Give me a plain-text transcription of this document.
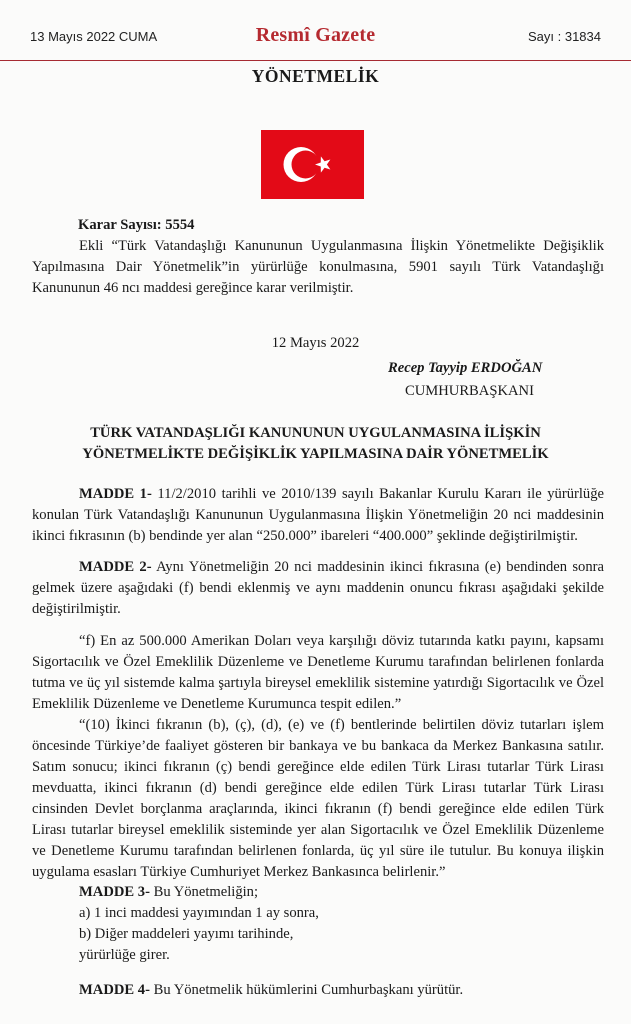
13 Mayıs 2022 CUMA	Resmî Gazete	Sayı : 31834
YÖNETMELİK
Karar Sayısı: 5554
Ekli “Türk Vatandaşlığı Kanununun Uygulanmasına İlişkin Yönetmelikte Değişiklik Yapılmasına Dair Yönetmelik”in yürürlüğe konulmasına, 5901 sayılı Türk Vatandaşlığı Kanununun 46 ncı maddesi gereğince karar verilmiştir.
12 Mayıs 2022
Recep Tayyip ERDOĞAN
CUMHURBAŞKANI
TÜRK VATANDAŞLIĞI KANUNUNUN UYGULANMASINA İLİŞKİN
YÖNETMELİKTE DEĞİŞİKLİK YAPILMASINA DAİR YÖNETMELİK
MADDE 1- 11/2/2010 tarihli ve 2010/139 sayılı Bakanlar Kurulu Kararı ile yürürlüğe konulan Türk Vatandaşlığı Kanununun Uygulanmasına İlişkin Yönetmeliğin 20 nci maddesinin ikinci fıkrasının (b) bendinde yer alan “250.000” ibareleri “400.000” şeklinde değiştirilmiştir.
MADDE 2- Aynı Yönetmeliğin 20 nci maddesinin ikinci fıkrasına (e) bendinden sonra gelmek üzere aşağıdaki (f) bendi eklenmiş ve aynı maddenin onuncu fıkrası aşağıdaki şekilde değiştirilmiştir.
“f) En az 500.000 Amerikan Doları veya karşılığı döviz tutarında katkı payını, kapsamı Sigortacılık ve Özel Emeklilik Düzenleme ve Denetleme Kurumu tarafından belirlenen fonlarda tutma ve üç yıl sistemde kalma şartıyla bireysel emeklilik sistemine yatırdığı Sigortacılık ve Özel Emeklilik Düzenleme ve Denetleme Kurumunca tespit edilen.”
“(10) İkinci fıkranın (b), (ç), (d), (e) ve (f) bentlerinde belirtilen döviz tutarları işlem öncesinde Türkiye’de faaliyet gösteren bir bankaya ve bu bankaca da Merkez Bankasına satılır. Satım sonucu; ikinci fıkranın (ç) bendi gereğince elde edilen Türk Lirası tutarlar Türk Lirası mevduatta, ikinci fıkranın (d) bendi gereğince elde edilen Türk Lirası tutarlar Türk Lirası cinsinden Devlet borçlanma araçlarında, ikinci fıkranın (f) bendi gereğince elde edilen Türk Lirası tutarlar bireysel emeklilik sisteminde yer alan Sigortacılık ve Özel Emeklilik Düzenleme ve Denetleme Kurumu tarafından belirlenen fonlarda, üç yıl süre ile tutulur. Bu konuya ilişkin uygulama esasları Türkiye Cumhuriyet Merkez Bankasınca belirlenir.”
MADDE 3- Bu Yönetmeliğin;
a) 1 inci maddesi yayımından 1 ay sonra,
b) Diğer maddeleri yayımı tarihinde,
yürürlüğe girer.
MADDE 4- Bu Yönetmelik hükümlerini Cumhurbaşkanı yürütür.
